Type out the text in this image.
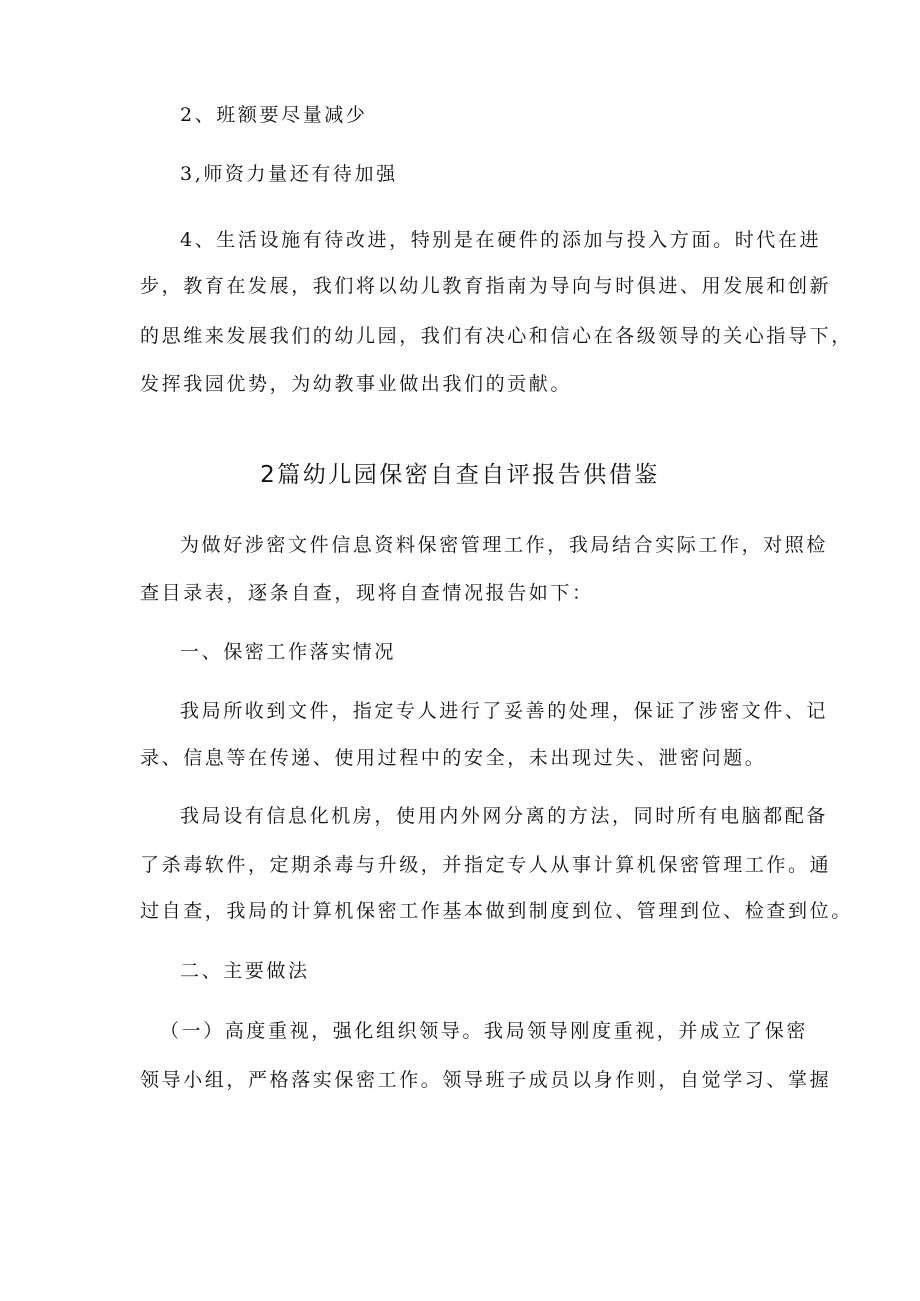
2、班额要尽量减少
3,师资力量还有待加强
4、生活设施有待改进，特别是在硬件的添加与投入方面。时代在进
步，教育在发展，我们将以幼儿教育指南为导向与时俱进、用发展和创新
的思维来发展我们的幼儿园，我们有决心和信心在各级领导的关心指导下，
发挥我园优势，为幼教事业做出我们的贡献。
2篇幼儿园保密自查自评报告供借鉴
为做好涉密文件信息资料保密管理工作，我局结合实际工作，对照检
查目录表，逐条自查，现将自查情况报告如下：
一、保密工作落实情况
我局所收到文件，指定专人进行了妥善的处理，保证了涉密文件、记
录、信息等在传递、使用过程中的安全，未出现过失、泄密问题。
我局设有信息化机房，使用内外网分离的方法，同时所有电脑都配备
了杀毒软件，定期杀毒与升级，并指定专人从事计算机保密管理工作。通
过自查，我局的计算机保密工作基本做到制度到位、管理到位、检查到位。
二、主要做法
（一）高度重视，强化组织领导。我局领导刚度重视，并成立了保密
领导小组，严格落实保密工作。领导班子成员以身作则，自觉学习、掌握
